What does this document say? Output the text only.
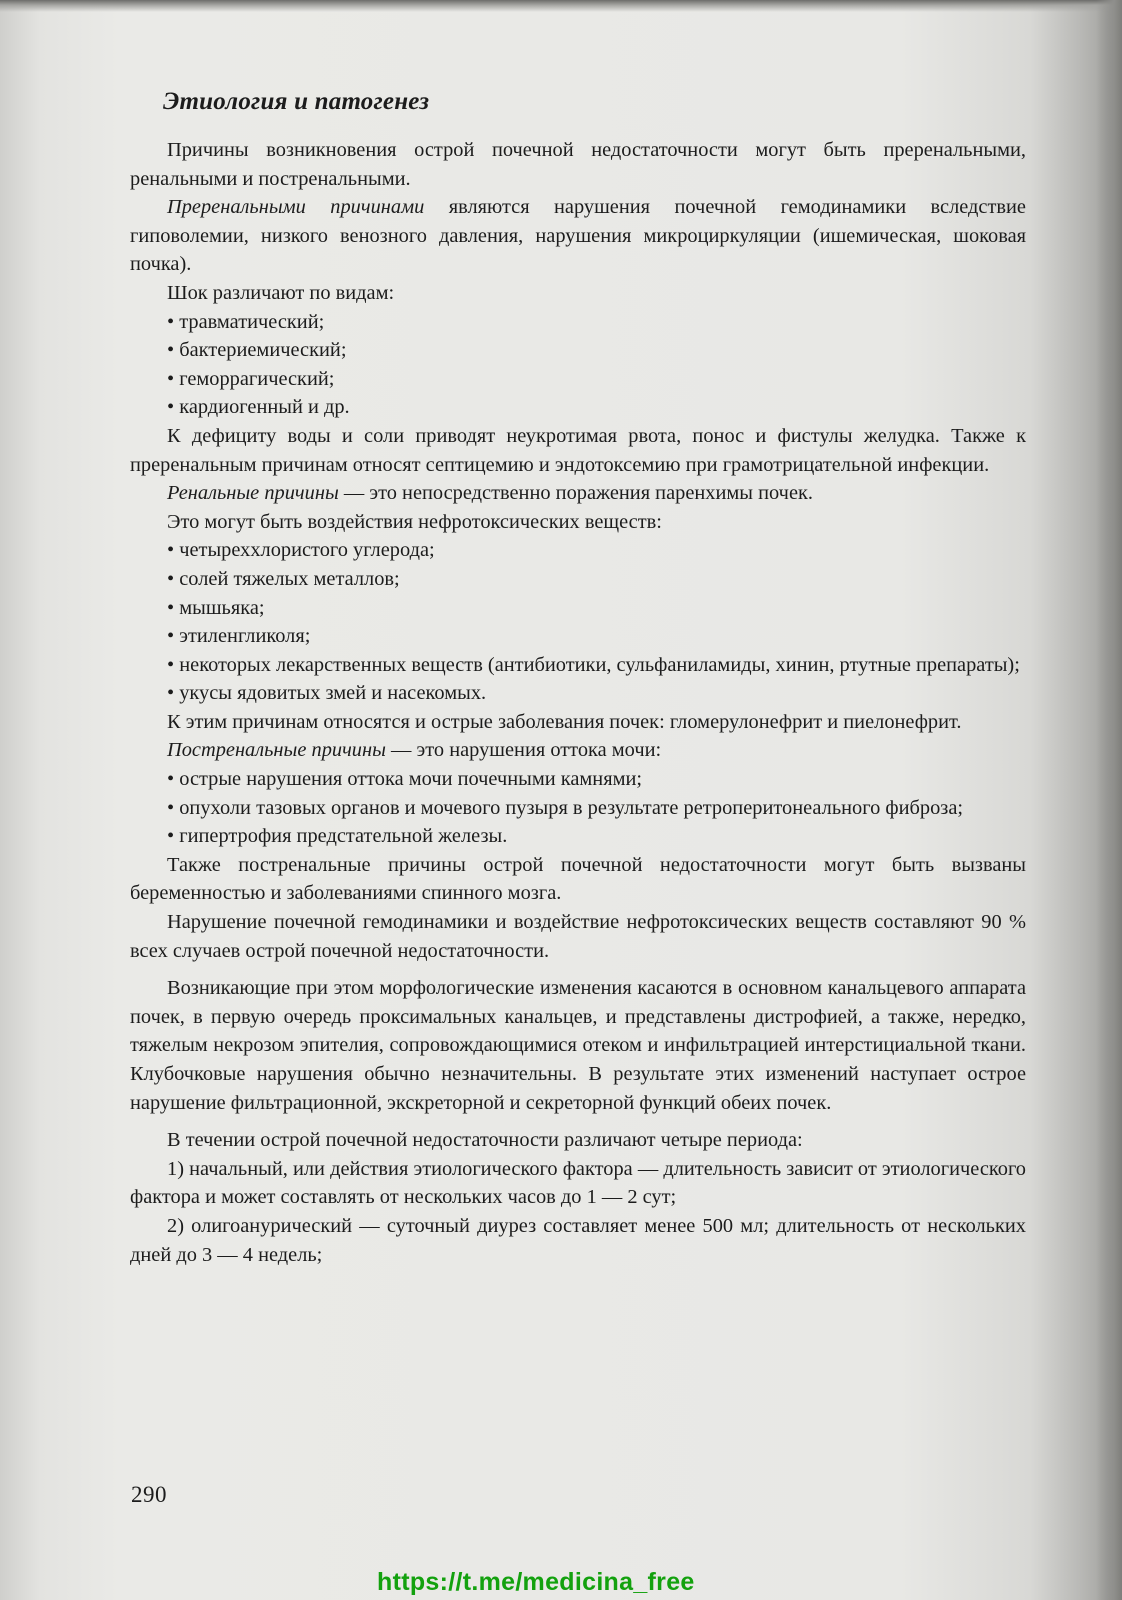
Этиология и патогенез

Причины возникновения острой почечной недостаточности могут быть преренальными, ренальными и постренальными.

Преренальными причинами являются нарушения почечной гемодинамики вследствие гиповолемии, низкого венозного давления, нарушения микроциркуляции (ишемическая, шоковая почка).

Шок различают по видам:

• травматический;

• бактериемический;

• геморрагический;

• кардиогенный и др.

К дефициту воды и соли приводят неукротимая рвота, понос и фистулы желудка. Также к преренальным причинам относят септицемию и эндотоксемию при грамотрицательной инфекции.

Ренальные причины — это непосредственно поражения паренхимы почек.

Это могут быть воздействия нефротоксических веществ:

• четыреххлористого углерода;

• солей тяжелых металлов;

• мышьяка;

• этиленгликоля;

• некоторых лекарственных веществ (антибиотики, сульфаниламиды, хинин, ртутные препараты);

• укусы ядовитых змей и насекомых.

К этим причинам относятся и острые заболевания почек: гломерулонефрит и пиелонефрит.

Постренальные причины — это нарушения оттока мочи:

• острые нарушения оттока мочи почечными камнями;

• опухоли тазовых органов и мочевого пузыря в результате ретроперитонеального фиброза;

• гипертрофия предстательной железы.

Также постренальные причины острой почечной недостаточности могут быть вызваны беременностью и заболеваниями спинного мозга.

Нарушение почечной гемодинамики и воздействие нефротоксических веществ составляют 90 % всех случаев острой почечной недостаточности.

Возникающие при этом морфологические изменения касаются в основном канальцевого аппарата почек, в первую очередь проксимальных канальцев, и представлены дистрофией, а также, нередко, тяжелым некрозом эпителия, сопровождающимися отеком и инфильтрацией интерстициальной ткани. Клубочковые нарушения обычно незначительны. В результате этих изменений наступает острое нарушение фильтрационной, экскреторной и секреторной функций обеих почек.

В течении острой почечной недостаточности различают четыре периода:

1) начальный, или действия этиологического фактора — длительность зависит от этиологического фактора и может составлять от нескольких часов до 1 — 2 сут;

2) олигоанурический — суточный диурез составляет менее 500 мл; длительность от нескольких дней до 3 — 4 недель;

290
https://t.me/medicina_free
